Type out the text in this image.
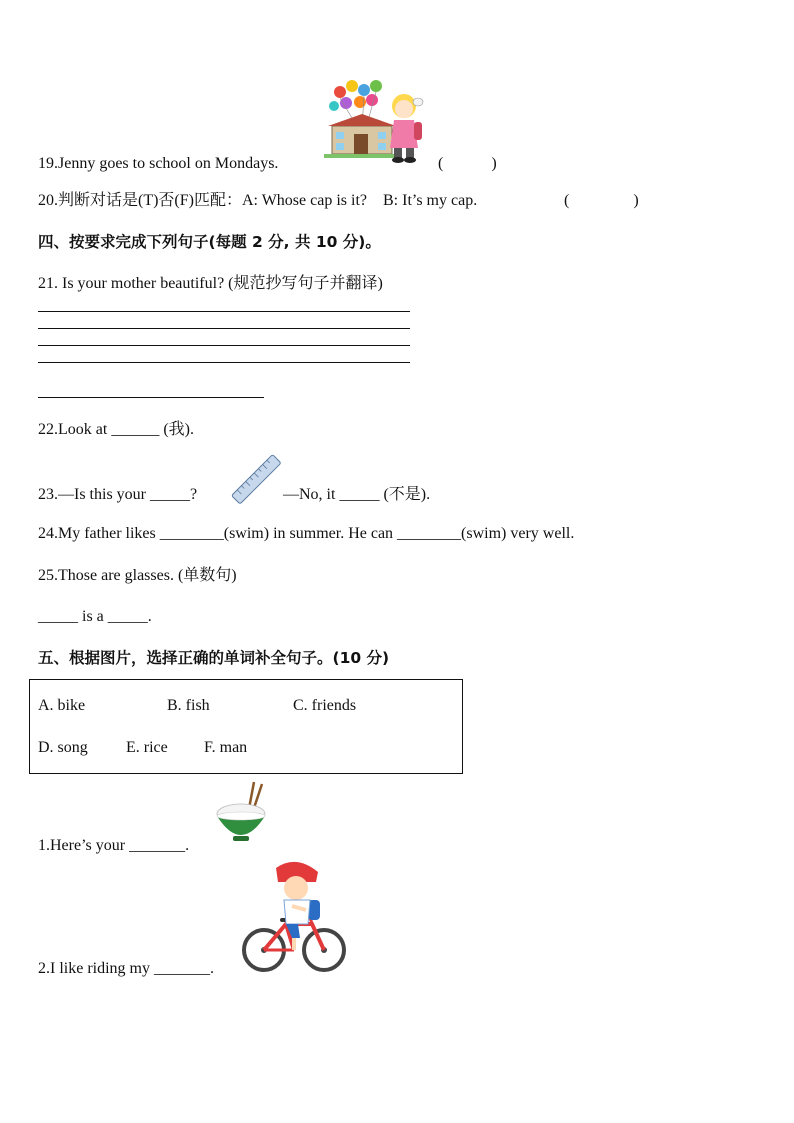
19.Jenny goes to school on Mondays.	(　　　)
20.判断对话是(T)否(F)匹配：A: Whose cap is it?　B: It’s my cap.	(　　　　)
四、按要求完成下列句子(每题 2 分, 共 10 分)。
21. Is your mother beautiful? (规范抄写句子并翻译)
22.Look at ______ (我).
23.—Is this your _____?	—No, it _____ (不是).
24.My father likes ________(swim) in summer. He can ________(swim) very well.
25.Those are glasses. (单数句)
_____ is a _____.
五、根据图片，选择正确的单词补全句子。(10 分)
A. bike	B. fish	C. friends
D. song E. rice F. man
1.Here’s your _______.
2.I like riding my _______.
